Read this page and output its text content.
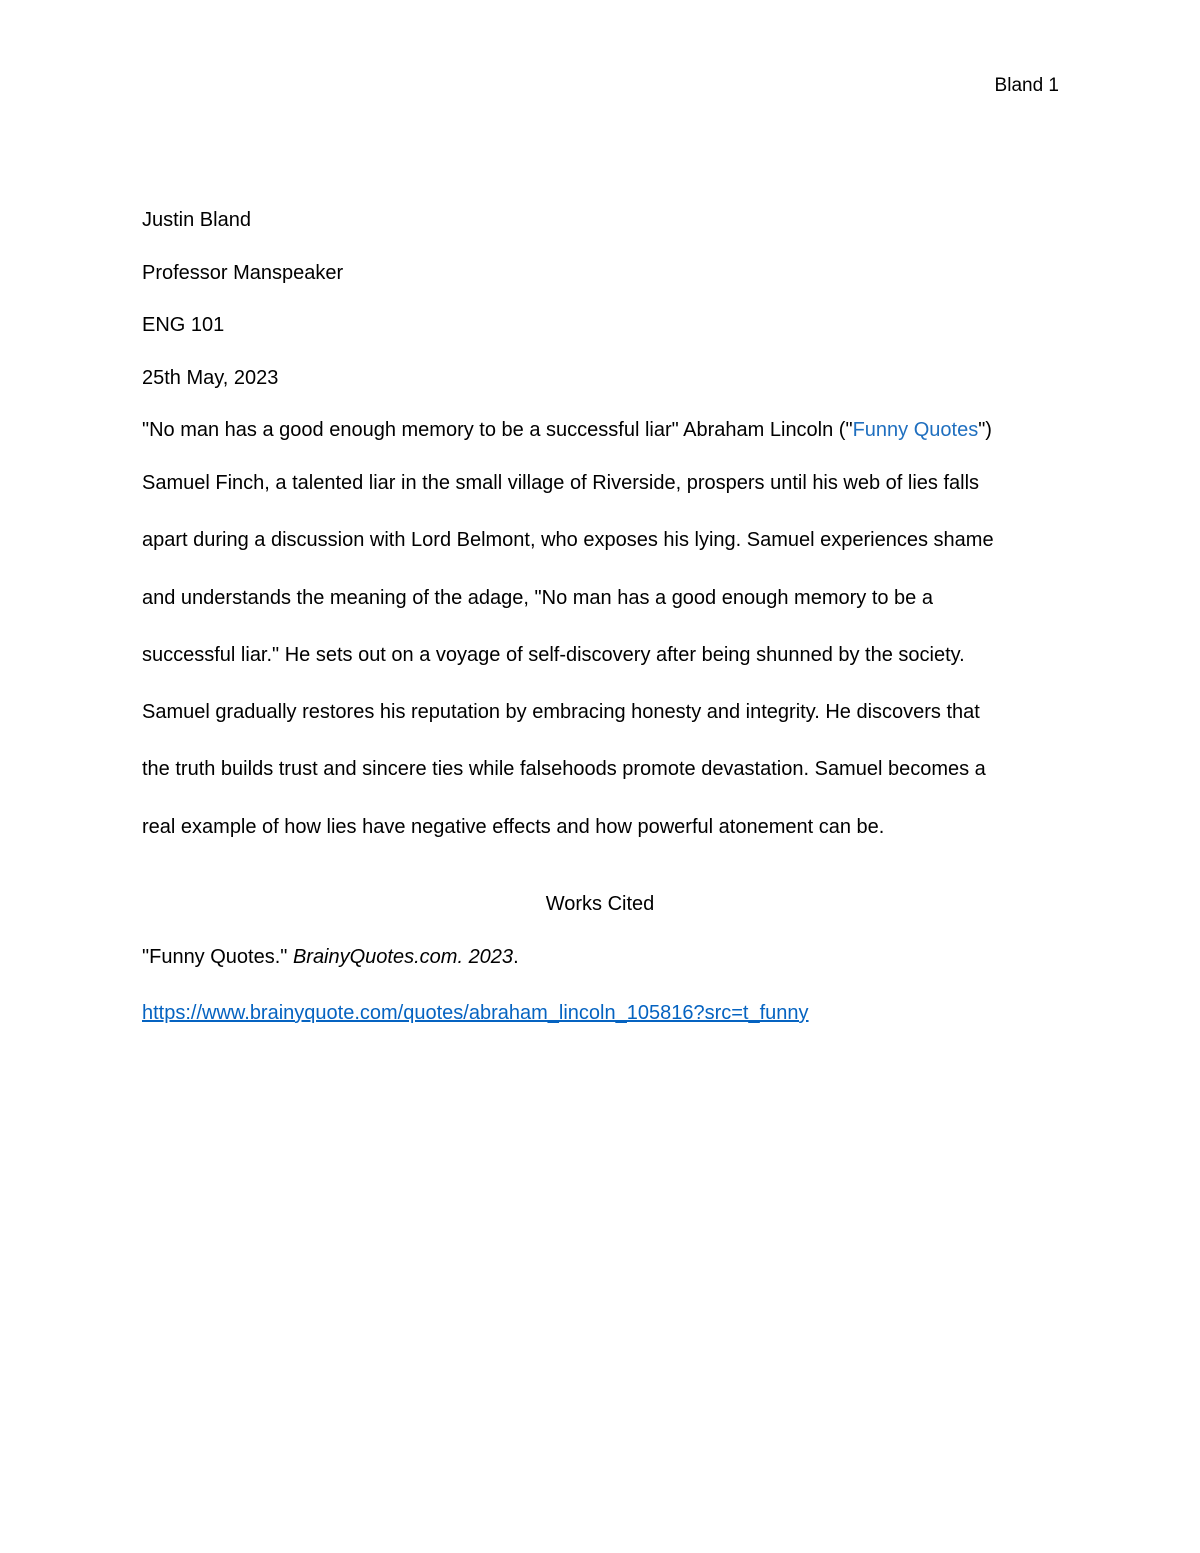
Bland 1
Justin Bland
Professor Manspeaker
ENG 101
25th May, 2023
"No man has a good enough memory to be a successful liar" Abraham Lincoln ("Funny Quotes")
Samuel Finch, a talented liar in the small village of Riverside, prospers until his web of lies falls
apart during a discussion with Lord Belmont, who exposes his lying. Samuel experiences shame
and understands the meaning of the adage, "No man has a good enough memory to be a
successful liar." He sets out on a voyage of self-discovery after being shunned by the society.
Samuel gradually restores his reputation by embracing honesty and integrity. He discovers that
the truth builds trust and sincere ties while falsehoods promote devastation. Samuel becomes a
real example of how lies have negative effects and how powerful atonement can be.
Works Cited
"Funny Quotes." BrainyQuotes.com. 2023.
https://www.brainyquote.com/quotes/abraham_lincoln_105816?src=t_funny
